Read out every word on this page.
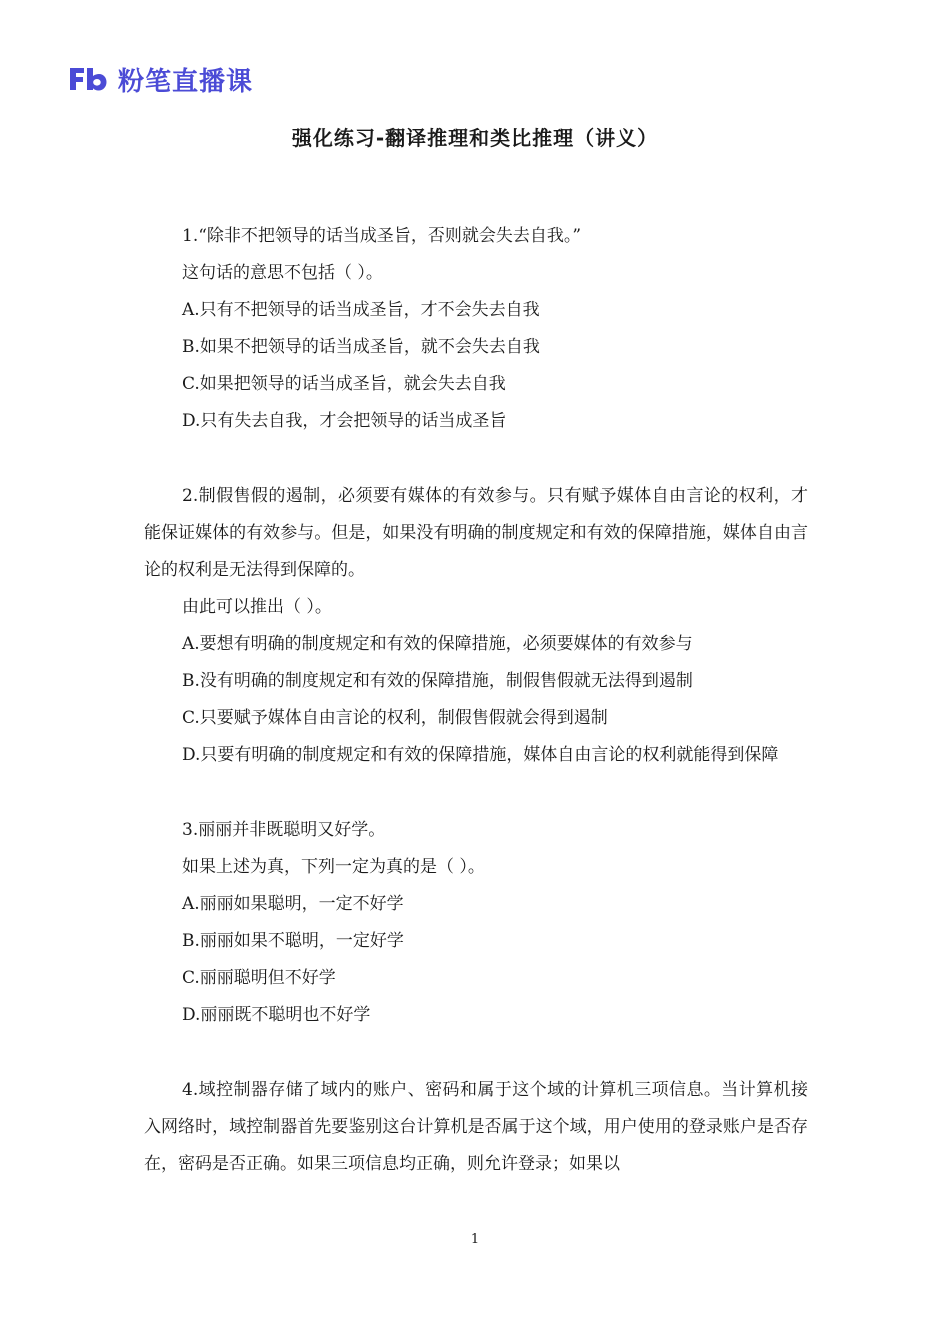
粉笔直播课
强化练习-翻译推理和类比推理（讲义）

1.“除非不把领导的话当成圣旨，否则就会失去自我。”

这句话的意思不包括（ ）。

A.只有不把领导的话当成圣旨，才不会失去自我

B.如果不把领导的话当成圣旨，就不会失去自我

C.如果把领导的话当成圣旨，就会失去自我

D.只有失去自我，才会把领导的话当成圣旨

2.制假售假的遏制，必须要有媒体的有效参与。只有赋予媒体自由言论的权利，才能保证媒体的有效参与。但是，如果没有明确的制度规定和有效的保障措施，媒体自由言论的权利是无法得到保障的。

由此可以推出（ ）。

A.要想有明确的制度规定和有效的保障措施，必须要媒体的有效参与

B.没有明确的制度规定和有效的保障措施，制假售假就无法得到遏制

C.只要赋予媒体自由言论的权利，制假售假就会得到遏制

D.只要有明确的制度规定和有效的保障措施，媒体自由言论的权利就能得到保障

3.丽丽并非既聪明又好学。

如果上述为真，下列一定为真的是（ ）。

A.丽丽如果聪明，一定不好学

B.丽丽如果不聪明，一定好学

C.丽丽聪明但不好学

D.丽丽既不聪明也不好学

4.域控制器存储了域内的账户、密码和属于这个域的计算机三项信息。当计算机接入网络时，域控制器首先要鉴别这台计算机是否属于这个域，用户使用的登录账户是否存在，密码是否正确。如果三项信息均正确，则允许登录；如果以

1
